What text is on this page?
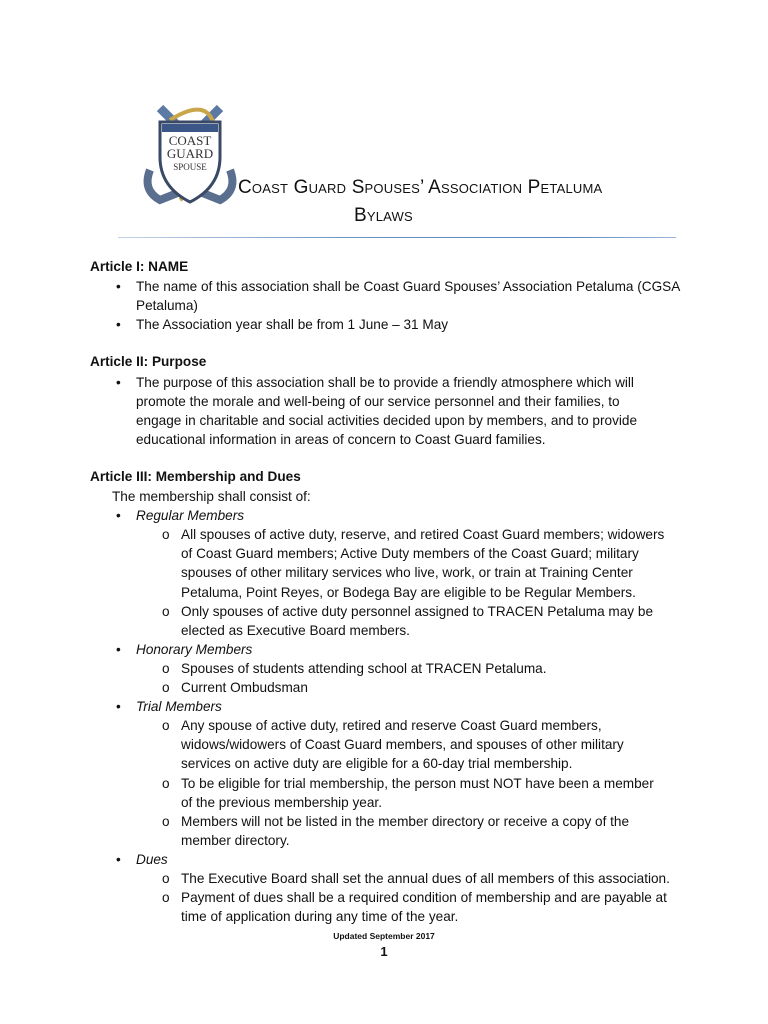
COAST
GUARD
SPOUSE
Coast Guard Spouses’ Association Petaluma
Bylaws
Article I: NAME
• The name of this association shall be Coast Guard Spouses’ Association Petaluma (CGSA
Petaluma)
• The Association year shall be from 1 June – 31 May
Article II: Purpose
• The purpose of this association shall be to provide a friendly atmosphere which will
promote the morale and well-being of our service personnel and their families, to
engage in charitable and social activities decided upon by members, and to provide
educational information in areas of concern to Coast Guard families.
Article III: Membership and Dues
The membership shall consist of:
• Regular Members
o All spouses of active duty, reserve, and retired Coast Guard members; widowers
of Coast Guard members; Active Duty members of the Coast Guard; military
spouses of other military services who live, work, or train at Training Center
Petaluma, Point Reyes, or Bodega Bay are eligible to be Regular Members.
o Only spouses of active duty personnel assigned to TRACEN Petaluma may be
elected as Executive Board members.
• Honorary Members
o Spouses of students attending school at TRACEN Petaluma.
o Current Ombudsman
• Trial Members
o Any spouse of active duty, retired and reserve Coast Guard members,
widows/widowers of Coast Guard members, and spouses of other military
services on active duty are eligible for a 60-day trial membership.
o To be eligible for trial membership, the person must NOT have been a member
of the previous membership year.
o Members will not be listed in the member directory or receive a copy of the
member directory.
• Dues
o The Executive Board shall set the annual dues of all members of this association.
o Payment of dues shall be a required condition of membership and are payable at
time of application during any time of the year.
Updated September 2017
1
